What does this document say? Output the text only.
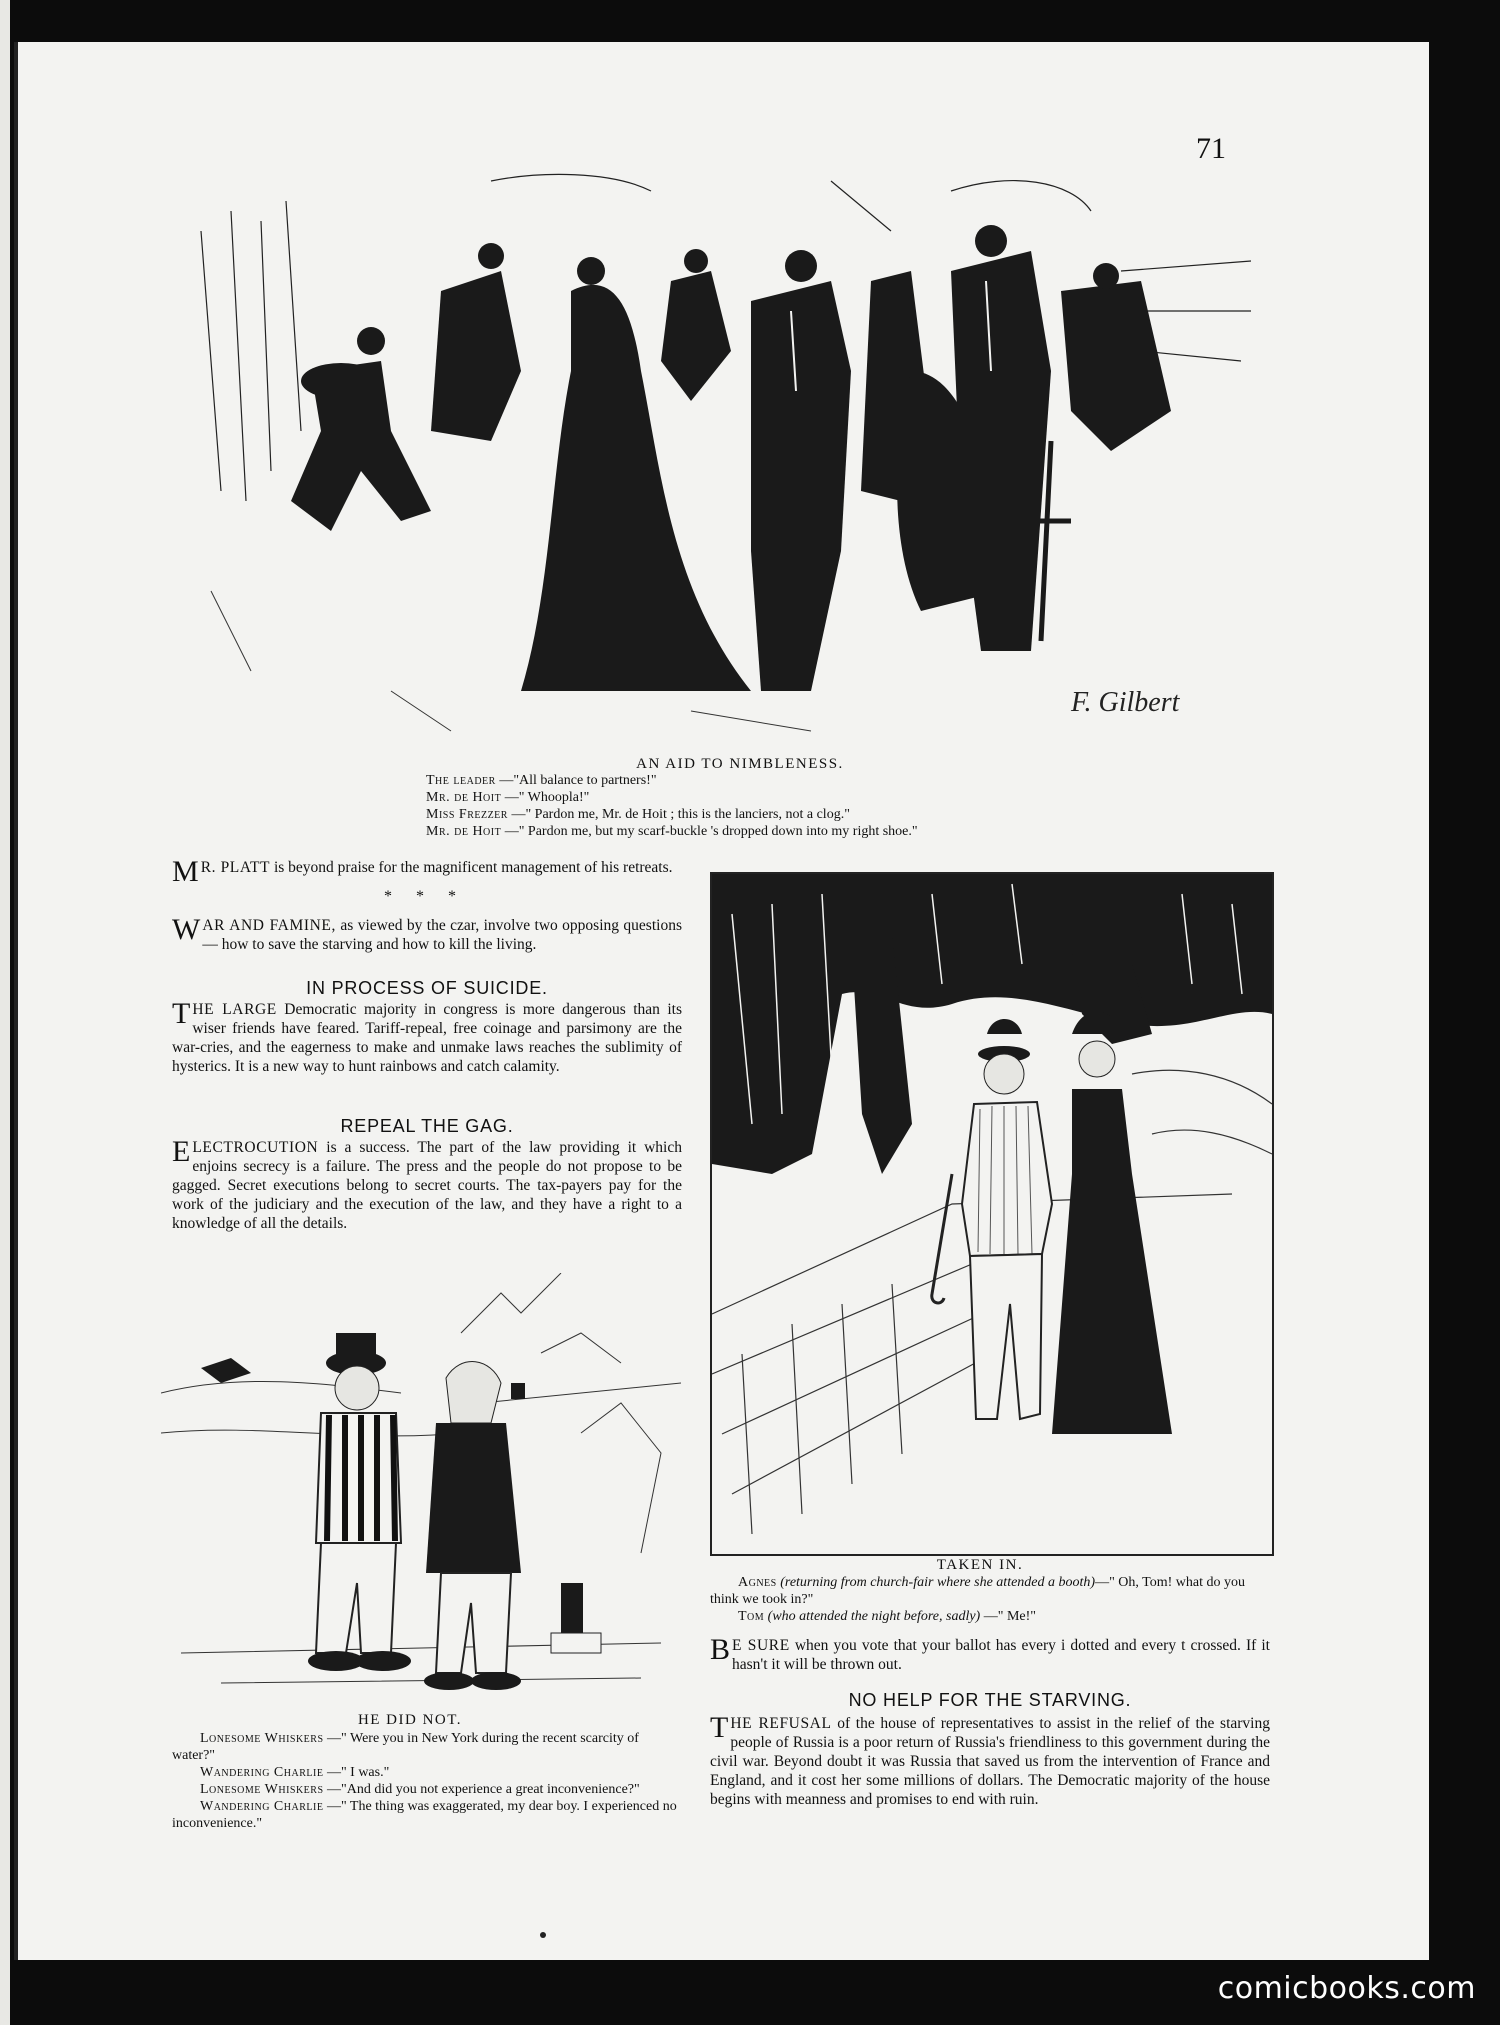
71
F. Gilbert
AN AID TO NIMBLENESS.
The leader —"All balance to partners!"
Mr. de Hoit —" Whoopla!"
Miss Frezzer —" Pardon me, Mr. de Hoit ; this is the lanciers, not a clog."
Mr. de Hoit —" Pardon me, but my scarf-buckle 's dropped down into my right shoe."
M R. PLATT is beyond praise for the magnificent management of his retreats.
* * *
WAR AND FAMINE, as viewed by the czar, involve two opposing questions — how to save the starving and how to kill the living.
IN PROCESS OF SUICIDE.
THE LARGE Democratic majority in congress is more dangerous than its wiser friends have feared. Tariff-repeal, free coinage and parsimony are the war-cries, and the eagerness to make and unmake laws reaches the sublimity of hysterics. It is a new way to hunt rainbows and catch calamity.
REPEAL THE GAG.
ELECTROCUTION is a success. The part of the law providing it which enjoins secrecy is a failure. The press and the people do not propose to be gagged. Secret executions belong to secret courts. The tax-payers pay for the work of the judiciary and the execution of the law, and they have a right to a knowledge of all the details.
HE DID NOT.
Lonesome Whiskers —" Were you in New York during the recent scarcity of water?"
Wandering Charlie —" I was."
Lonesome Whiskers —"And did you not experience a great inconvenience?"
Wandering Charlie —" The thing was exaggerated, my dear boy. I experienced no inconvenience."
TAKEN IN.
Agnes (returning from church-fair where she attended a booth)—" Oh, Tom! what do you think we took in?"
Tom (who attended the night before, sadly) —" Me!"
B E SURE when you vote that your ballot has every i dotted and every t crossed. If it hasn't it will be thrown out.
NO HELP FOR THE STARVING.
THE REFUSAL of the house of representatives to assist in the relief of the starving people of Russia is a poor return of Russia's friendliness to this government during the civil war. Beyond doubt it was Russia that saved us from the intervention of France and England, and it cost her some millions of dollars. The Democratic majority of the house begins with meanness and promises to end with ruin.
comicbooks.com
